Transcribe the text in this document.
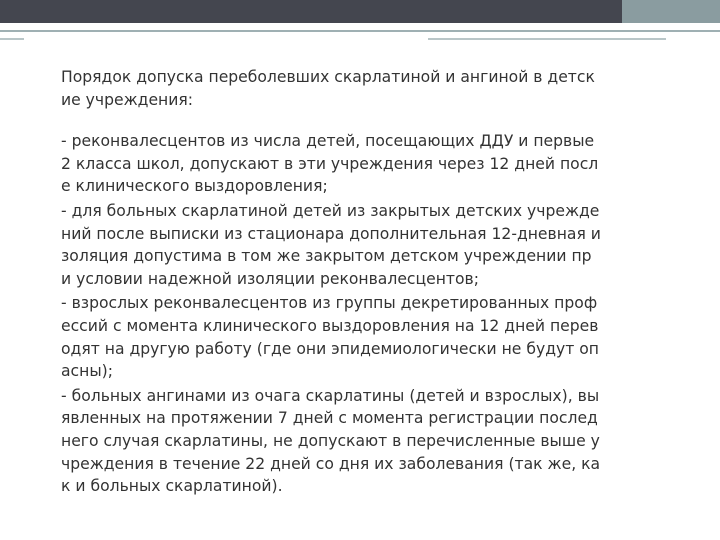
Порядок допуска переболевших скарлатиной и ангиной в детск
ие учреждения:

- реконвалесцентов из числа детей, посещающих ДДУ и первые
2 класса школ, допускают в эти учреждения через 12 дней посл
е клинического выздоровления;

- для больных скарлатиной детей из закрытых детских учрежде
ний после выписки из стационара дополнительная 12-дневная и
золяция допустима в том же закрытом детском учреждении пр
и условии надежной изоляции реконвалесцентов;

- взрослых реконвалесцентов из группы декретированных проф
ессий с момента клинического выздоровления на 12 дней перев
одят на другую работу (где они эпидемиологически не будут оп
асны);

- больных ангинами из очага скарлатины (детей и взрослых), вы
явленных на протяжении 7 дней с момента регистрации послед
него случая скарлатины, не допускают в перечисленные выше у
чреждения в течение 22 дней со дня их заболевания (так же, ка
к и больных скарлатиной).
